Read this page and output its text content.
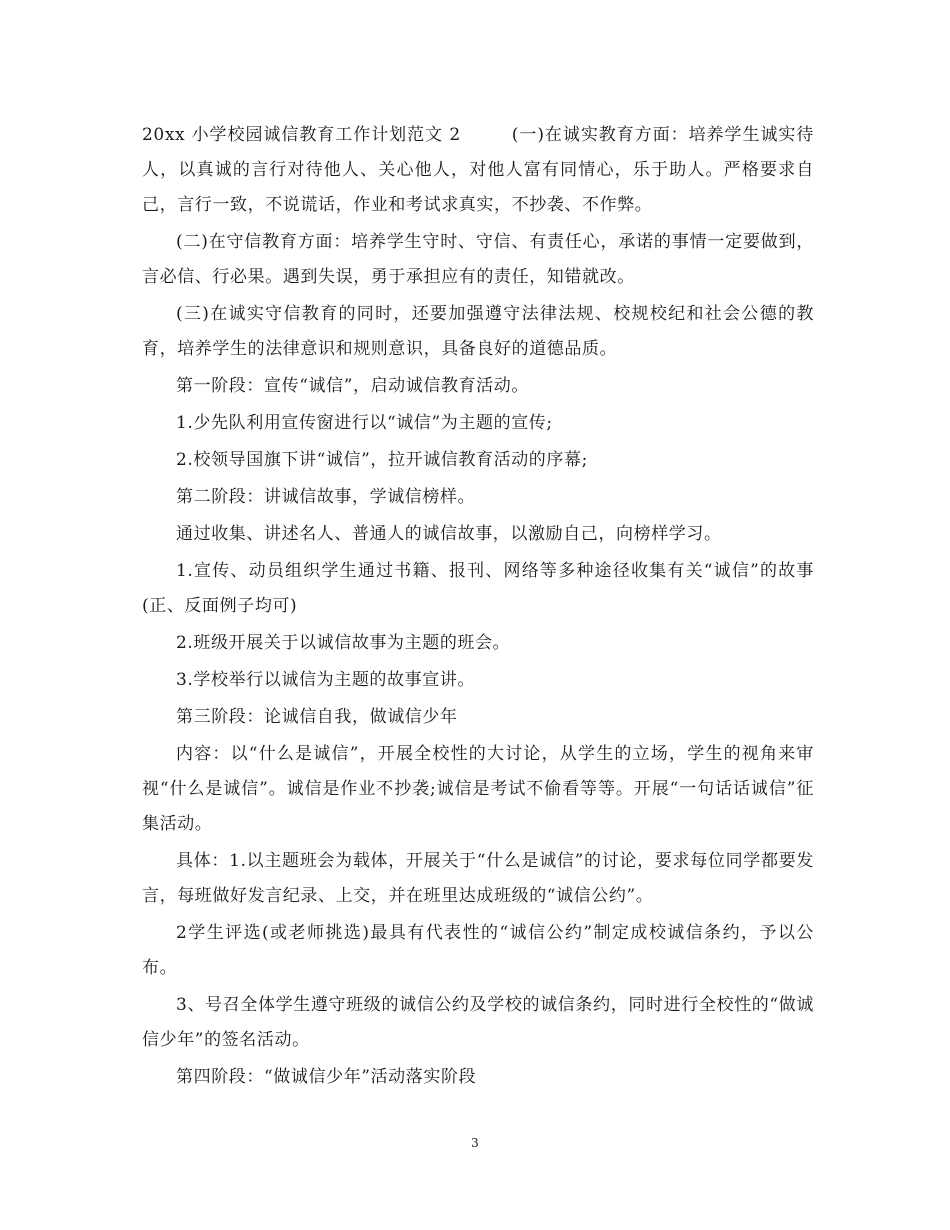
20xx 小学校园诚信教育工作计划范文 2        (一)在诚实教育方面：培养学生诚实待人，以真诚的言行对待他人、关心他人，对他人富有同情心，乐于助人。严格要求自己，言行一致，不说谎话，作业和考试求真实，不抄袭、不作弊。

(二)在守信教育方面：培养学生守时、守信、有责任心，承诺的事情一定要做到，言必信、行必果。遇到失误，勇于承担应有的责任，知错就改。

(三)在诚实守信教育的同时，还要加强遵守法律法规、校规校纪和社会公德的教育，培养学生的法律意识和规则意识，具备良好的道德品质。

第一阶段：宣传“诚信”，启动诚信教育活动。

1.少先队利用宣传窗进行以“诚信”为主题的宣传;

2.校领导国旗下讲“诚信”，拉开诚信教育活动的序幕;

第二阶段：讲诚信故事，学诚信榜样。

通过收集、讲述名人、普通人的诚信故事，以激励自己，向榜样学习。

1.宣传、动员组织学生通过书籍、报刊、网络等多种途径收集有关“诚信”的故事(正、反面例子均可)

2.班级开展关于以诚信故事为主题的班会。

3.学校举行以诚信为主题的故事宣讲。

第三阶段：论诚信自我，做诚信少年

内容：以“什么是诚信”，开展全校性的大讨论，从学生的立场，学生的视角来审视“什么是诚信”。诚信是作业不抄袭;诚信是考试不偷看等等。开展“一句话话诚信”征集活动。

具体：1.以主题班会为载体，开展关于“什么是诚信”的讨论，要求每位同学都要发言，每班做好发言纪录、上交，并在班里达成班级的“诚信公约”。

2学生评选(或老师挑选)最具有代表性的“诚信公约”制定成校诚信条约，予以公布。

3、号召全体学生遵守班级的诚信公约及学校的诚信条约，同时进行全校性的“做诚信少年”的签名活动。

第四阶段：“做诚信少年”活动落实阶段

3
